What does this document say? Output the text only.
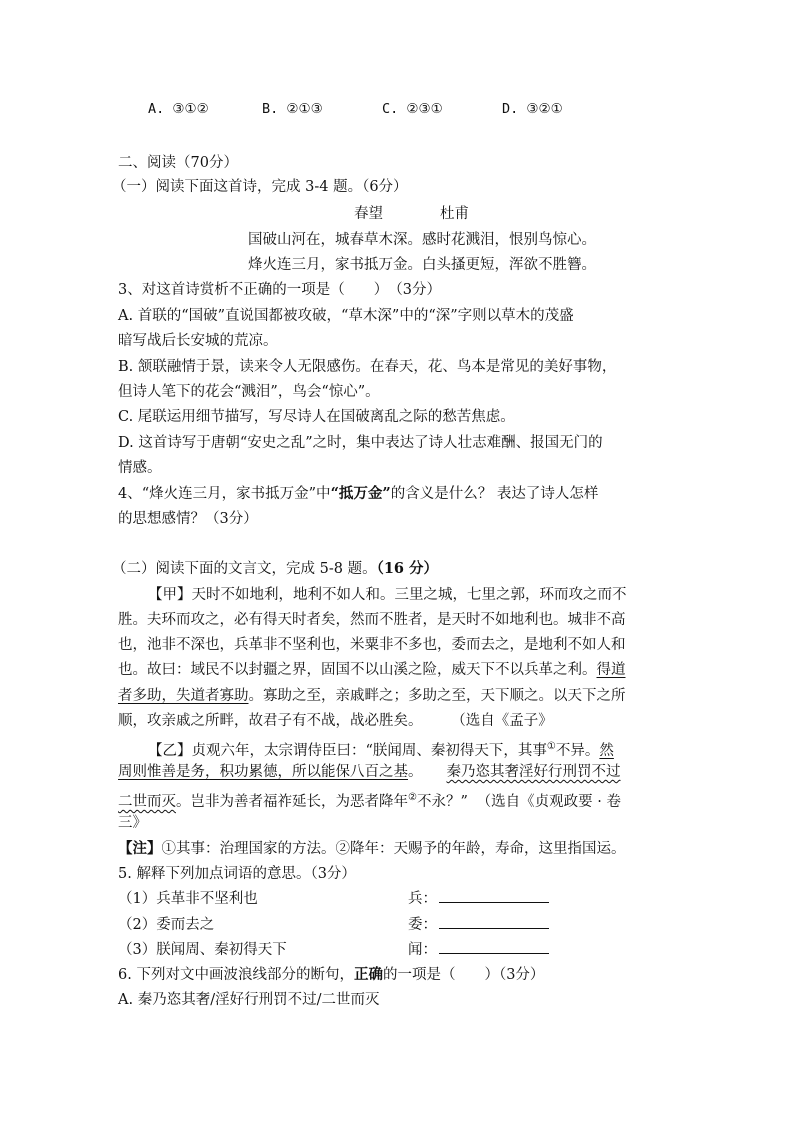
A. ③①②	B. ②①③	C. ②③①	D. ③②①
二、阅读（70分）
（一）阅读下面这首诗，完成 3-4 题。（6分）
春望	杜甫
国破山河在，城春草木深。感时花溅泪，恨别鸟惊心。
烽火连三月，家书抵万金。白头搔更短，浑欲不胜簪。
3、对这首诗赏析不正确的一项是（　　）　（3分）
A. 首联的“国破”直说国都被攻破，“草木深”中的“深”字则以草木的茂盛
暗写战后长安城的荒凉。
B. 颔联融情于景，读来令人无限感伤。在春天，花、鸟本是常见的美好事物，
但诗人笔下的花会“溅泪”，鸟会“惊心”。
C. 尾联运用细节描写，写尽诗人在国破离乱之际的愁苦焦虑。
D. 这首诗写于唐朝“安史之乱”之时，集中表达了诗人壮志难酬、报国无门的
情感。
4、“烽火连三月，家书抵万金”中“抵万金”的含义是什么？ 表达了诗人怎样
的思想感情？（3分）
（二）阅读下面的文言文，完成 5-8 题。（16 分）
【甲】天时不如地利，地利不如人和。三里之城，七里之郭，环而攻之而不
胜。夫环而攻之，必有得天时者矣，然而不胜者，是天时不如地利也。城非不高
也，池非不深也，兵革非不坚利也，米粟非不多也，委而去之，是地利不如人和
也。故曰：域民不以封疆之界，固国不以山溪之险，威天下不以兵革之利。得道
者多助，失道者寡助。寡助之至，亲戚畔之；多助之至，天下顺之。以天下之所
顺，攻亲戚之所畔，故君子有不战，战必胜矣。 （选自《孟子》
【乙】贞观六年，太宗谓侍臣曰：“朕闻周、秦初得天下，其事①不异。然
周则惟善是务，积功累德，所以能保八百之基。 秦乃恣其奢淫好行刑罚不过
二世而灭。岂非为善者福祚延长，为恶者降年②不永？” （选自《贞观政要 · 卷
三》
【注】①其事：治理国家的方法。②降年：天赐予的年龄，寿命，这里指国运。
5. 解释下列加点词语的意思。（3分）
（1）兵革非不坚利也	兵：
（2）委而去之	委：
（3）朕闻周、秦初得天下	闻：
6. 下列对文中画波浪线部分的断句，正确的一项是（　　）（3分）
A. 秦乃恣其奢/淫好行刑罚不过/二世而灭
